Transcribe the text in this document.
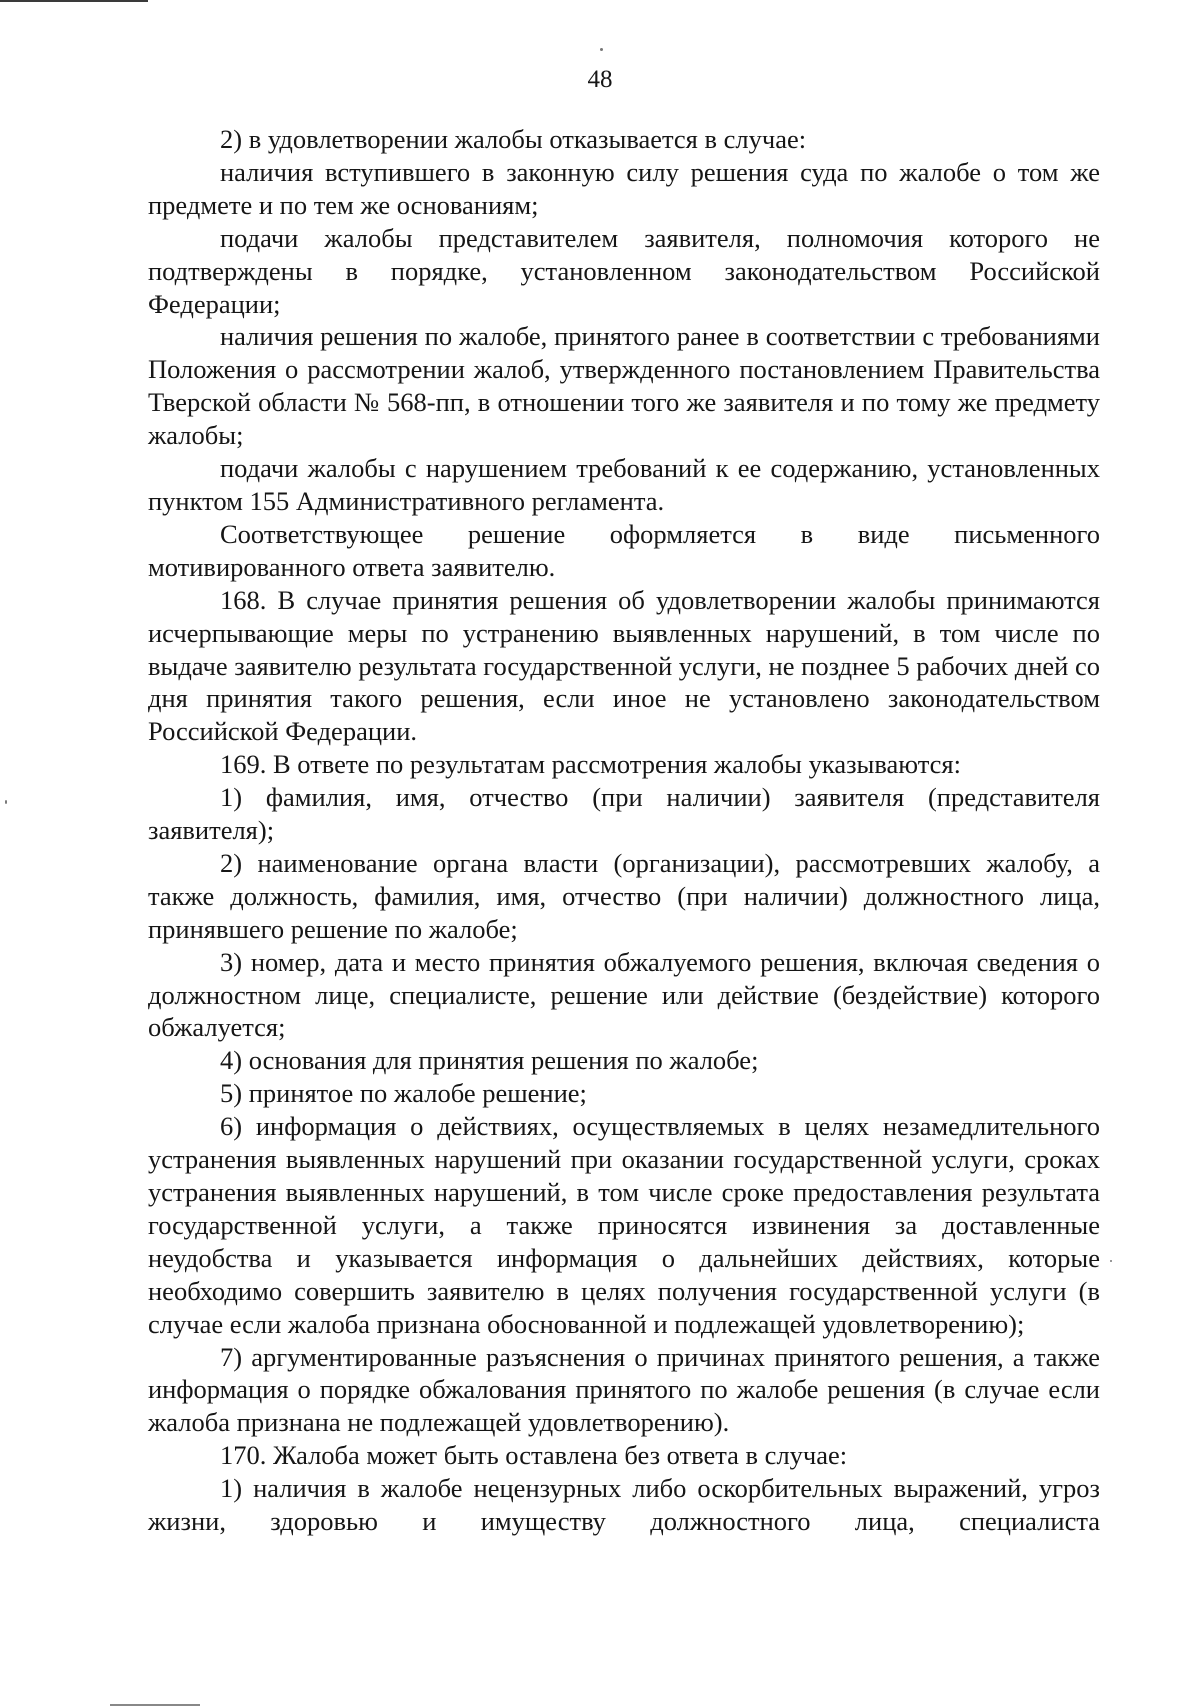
48

2) в удовлетворении жалобы отказывается в случае:

наличия вступившего в законную силу решения суда по жалобе о том же предмете и по тем же основаниям;

подачи жалобы представителем заявителя, полномочия которого не подтверждены в порядке, установленном законодательством Российской Федерации;

наличия решения по жалобе, принятого ранее в соответствии с требованиями Положения о рассмотрении жалоб, утвержденного постановлением Правительства Тверской области № 568-пп, в отношении того же заявителя и по тому же предмету жалобы;

подачи жалобы с нарушением требований к ее содержанию, установленных пунктом 155 Административного регламента.

Соответствующее решение оформляется в виде письменного мотивированного ответа заявителю.

168. В случае принятия решения об удовлетворении жалобы принимаются исчерпывающие меры по устранению выявленных нарушений, в том числе по выдаче заявителю результата государственной услуги, не позднее 5 рабочих дней со дня принятия такого решения, если иное не установлено законодательством Российской Федерации.

169. В ответе по результатам рассмотрения жалобы указываются:

1) фамилия, имя, отчество (при наличии) заявителя (представителя заявителя);

2) наименование органа власти (организации), рассмотревших жалобу, а также должность, фамилия, имя, отчество (при наличии) должностного лица, принявшего решение по жалобе;

3) номер, дата и место принятия обжалуемого решения, включая сведения о должностном лице, специалисте, решение или действие (бездействие) которого обжалуется;

4) основания для принятия решения по жалобе;

5) принятое по жалобе решение;

6) информация о действиях, осуществляемых в целях незамедлительного устранения выявленных нарушений при оказании государственной услуги, сроках устранения выявленных нарушений, в том числе сроке предоставления результата государственной услуги, а также приносятся извинения за доставленные неудобства и указывается информация о дальнейших действиях, которые необходимо совершить заявителю в целях получения государственной услуги (в случае если жалоба признана обоснованной и подлежащей удовлетворению);

7) аргументированные разъяснения о причинах принятого решения, а также информация о порядке обжалования принятого по жалобе решения (в случае если жалоба признана не подлежащей удовлетворению).

170. Жалоба может быть оставлена без ответа в случае:

1) наличия в жалобе нецензурных либо оскорбительных выражений, угроз жизни, здоровью и имуществу должностного лица, специалиста
